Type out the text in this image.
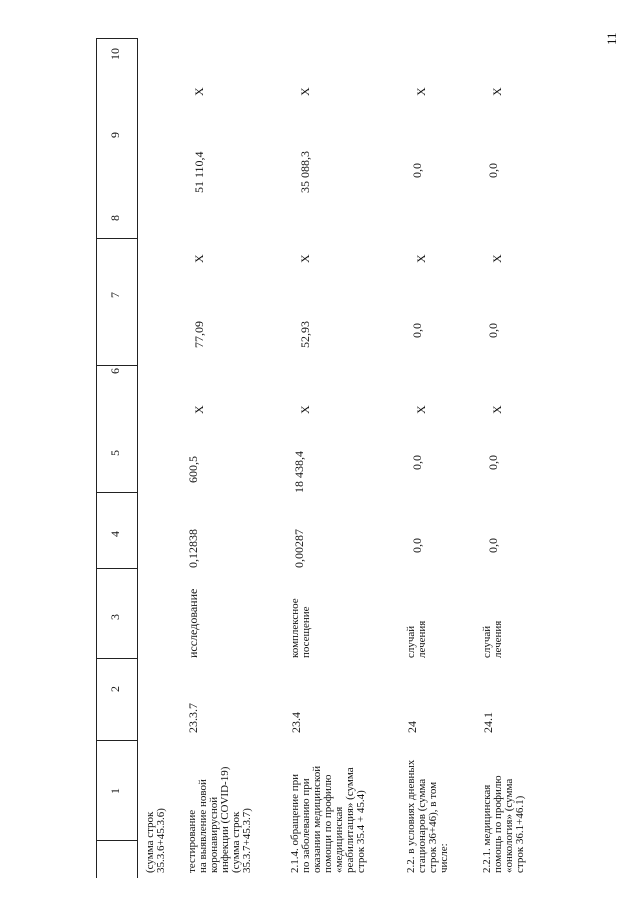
11
1
2
3
4
5
6
7
8
9
10
(сумма строк
35.3.6+45.3.6) тестирование
на выявление новой
коронавирусной
инфекции (COVID-19)
(сумма строк
35.3.7+45.3.7)
23.3.7
исследование
0,12838
600,5
X
77,09
X
51 110,4
X
2.1.4. обращение при
по заболеванию при
оказании медицинской
помощи по профилю
«медицинская
реабилитация» (сумма
строк 35.4 + 45.4)
23.4
комплексное
посещение
0,00287
18 438,4
X
52,93
X
35 088,3
X
2.2. в условиях дневных
стационаров (сумма
строк 36+46), в том
числе:
24
случай
лечения
0,0
0,0
X
0,0
X
0,0
X
2.2.1. медицинская
помощь по профилю
«онкология» (сумма
строк 36.1+46.1)
24.1
случай
лечения
0,0
0,0
X
0,0
X
0,0
X
